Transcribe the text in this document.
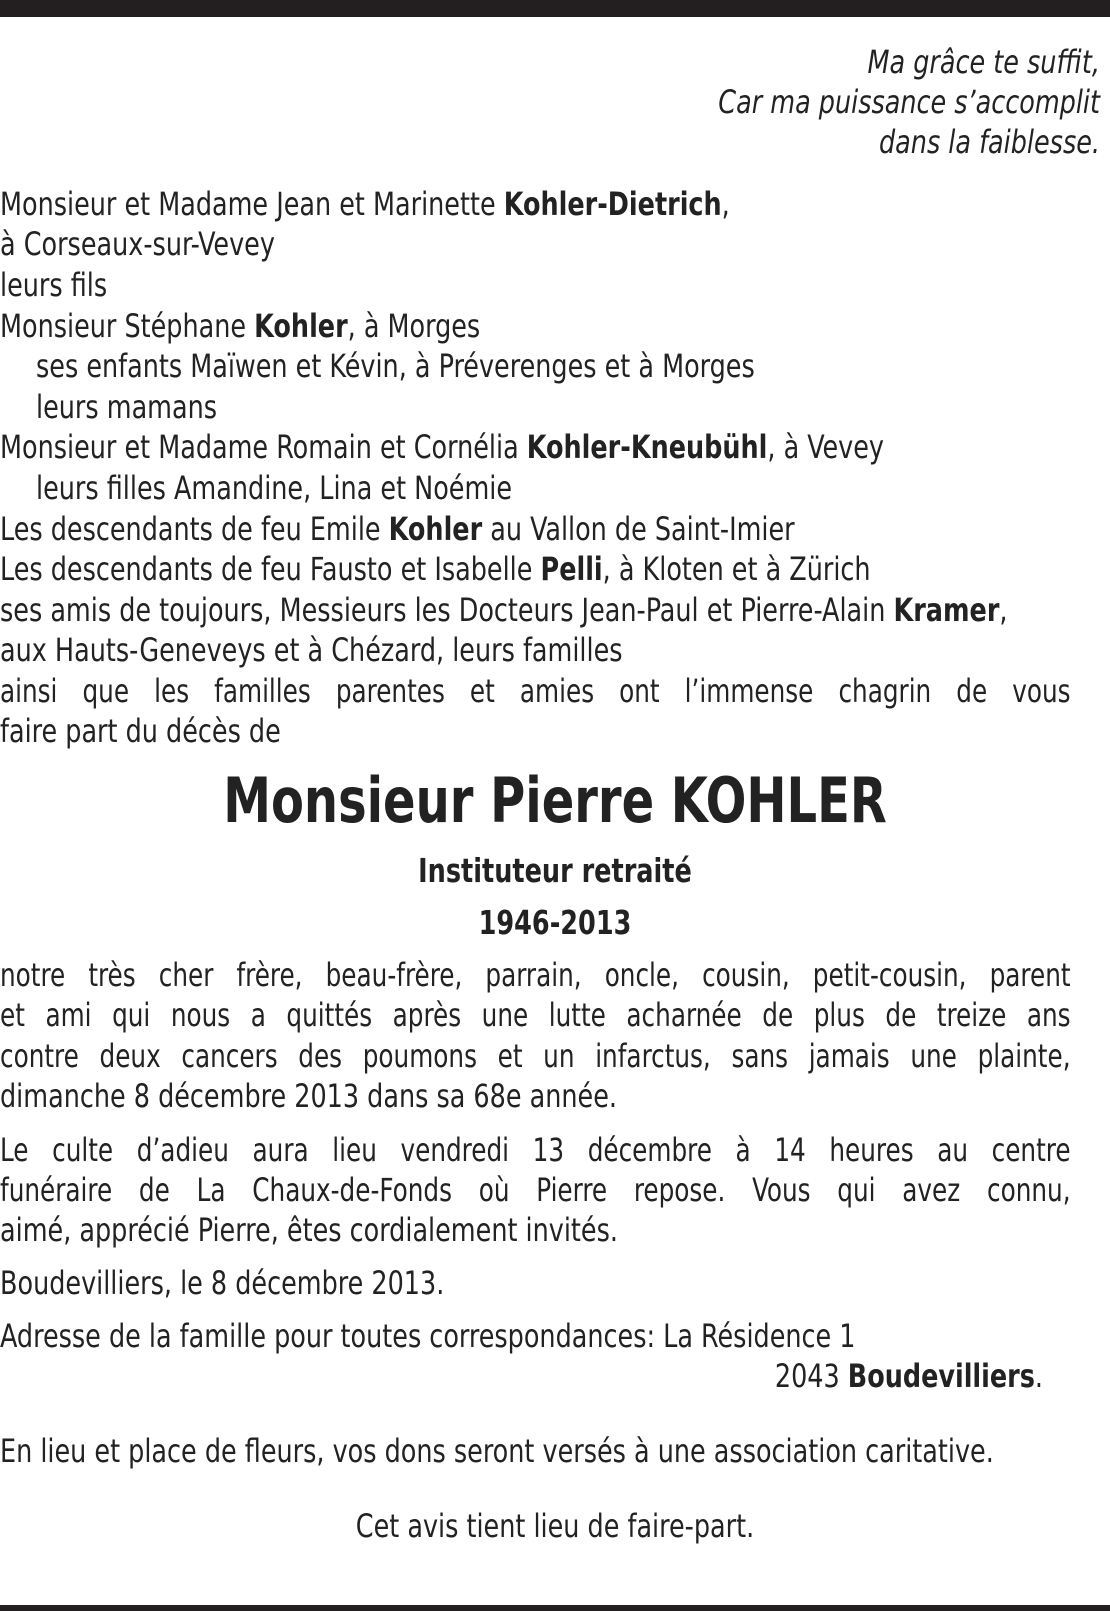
Ma grâce te suffit,
Car ma puissance s’accomplit
dans la faiblesse.
Monsieur et Madame Jean et Marinette Kohler-Dietrich,
à Corseaux-sur-Vevey
leurs fils
Monsieur Stéphane Kohler, à Morges
ses enfants Maïwen et Kévin, à Préverenges et à Morges
leurs mamans
Monsieur et Madame Romain et Cornélia Kohler-Kneubühl, à Vevey
leurs filles Amandine, Lina et Noémie
Les descendants de feu Emile Kohler au Vallon de Saint-Imier
Les descendants de feu Fausto et Isabelle Pelli, à Kloten et à Zürich
ses amis de toujours, Messieurs les Docteurs Jean-Paul et Pierre-Alain Kramer,
aux Hauts-Geneveys et à Chézard, leurs familles
ainsi que les familles parentes et amies ont l’immense chagrin de vous
faire part du décès de
Monsieur Pierre KOHLER
Instituteur retraité
1946-2013
notre très cher frère, beau-frère, parrain, oncle, cousin, petit-cousin, parent
et ami qui nous a quittés après une lutte acharnée de plus de treize ans
contre deux cancers des poumons et un infarctus, sans jamais une plainte,
dimanche 8 décembre 2013 dans sa 68e année.
Le culte d’adieu aura lieu vendredi 13 décembre à 14 heures au centre
funéraire de La Chaux-de-Fonds où Pierre repose. Vous qui avez connu,
aimé, apprécié Pierre, êtes cordialement invités.
Boudevilliers, le 8 décembre 2013.
Adresse de la famille pour toutes correspondances: La Résidence 1
2043 Boudevilliers.
En lieu et place de fleurs, vos dons seront versés à une association caritative.
Cet avis tient lieu de faire-part.
